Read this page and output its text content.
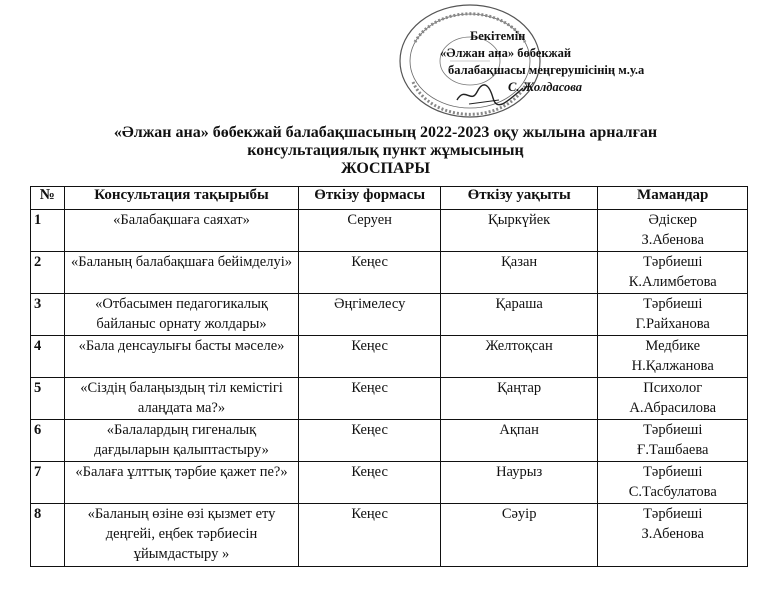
Бекітемін
«Әлжан ана» бөбекжай
балабақшасы меңгерушісінің м.у.а
С. Жолдасова
«Әлжан ана» бөбекжай балабақшасының 2022-2023 оқу жылына арналған
консультациялық пункт жұмысының
ЖОСПАРЫ
№	Консультация тақырыбы	Өткізу формасы	Өткізу уақыты	Мамандар
1	«Балабақшаға саяхат»	Серуен	Қыркүйек	Әдіскер
З.Абенова

2	«Баланың балабақшаға бейімделуі»	Кеңес	Қазан	Тәрбиеші
К.Алимбетова

3	«Отбасымен педагогикалық байланыс орнату жолдары»	Әңгімелесу	Қараша	Тәрбиеші
Г.Райханова

4	«Бала денсаулығы басты мәселе»	Кеңес	Желтоқсан	Медбике
Н.Қалжанова

5	«Сіздің балаңыздың тіл кемістігі алаңдата ма?»	Кеңес	Қаңтар	Психолог
А.Абрасилова

6	«Балалардың гигеналық дағдыларын қалыптастыру»	Кеңес	Ақпан	Тәрбиеші
Ғ.Ташбаева

7	«Балаға ұлттық тәрбие қажет пе?»	Кеңес	Наурыз	Тәрбиеші
С.Тасбулатова

8	«Баланың өзіне өзі қызмет ету деңгейі, еңбек тәрбиесін ұйымдастыру »	Кеңес	Сәуір	Тәрбиеші
З.Абенова
